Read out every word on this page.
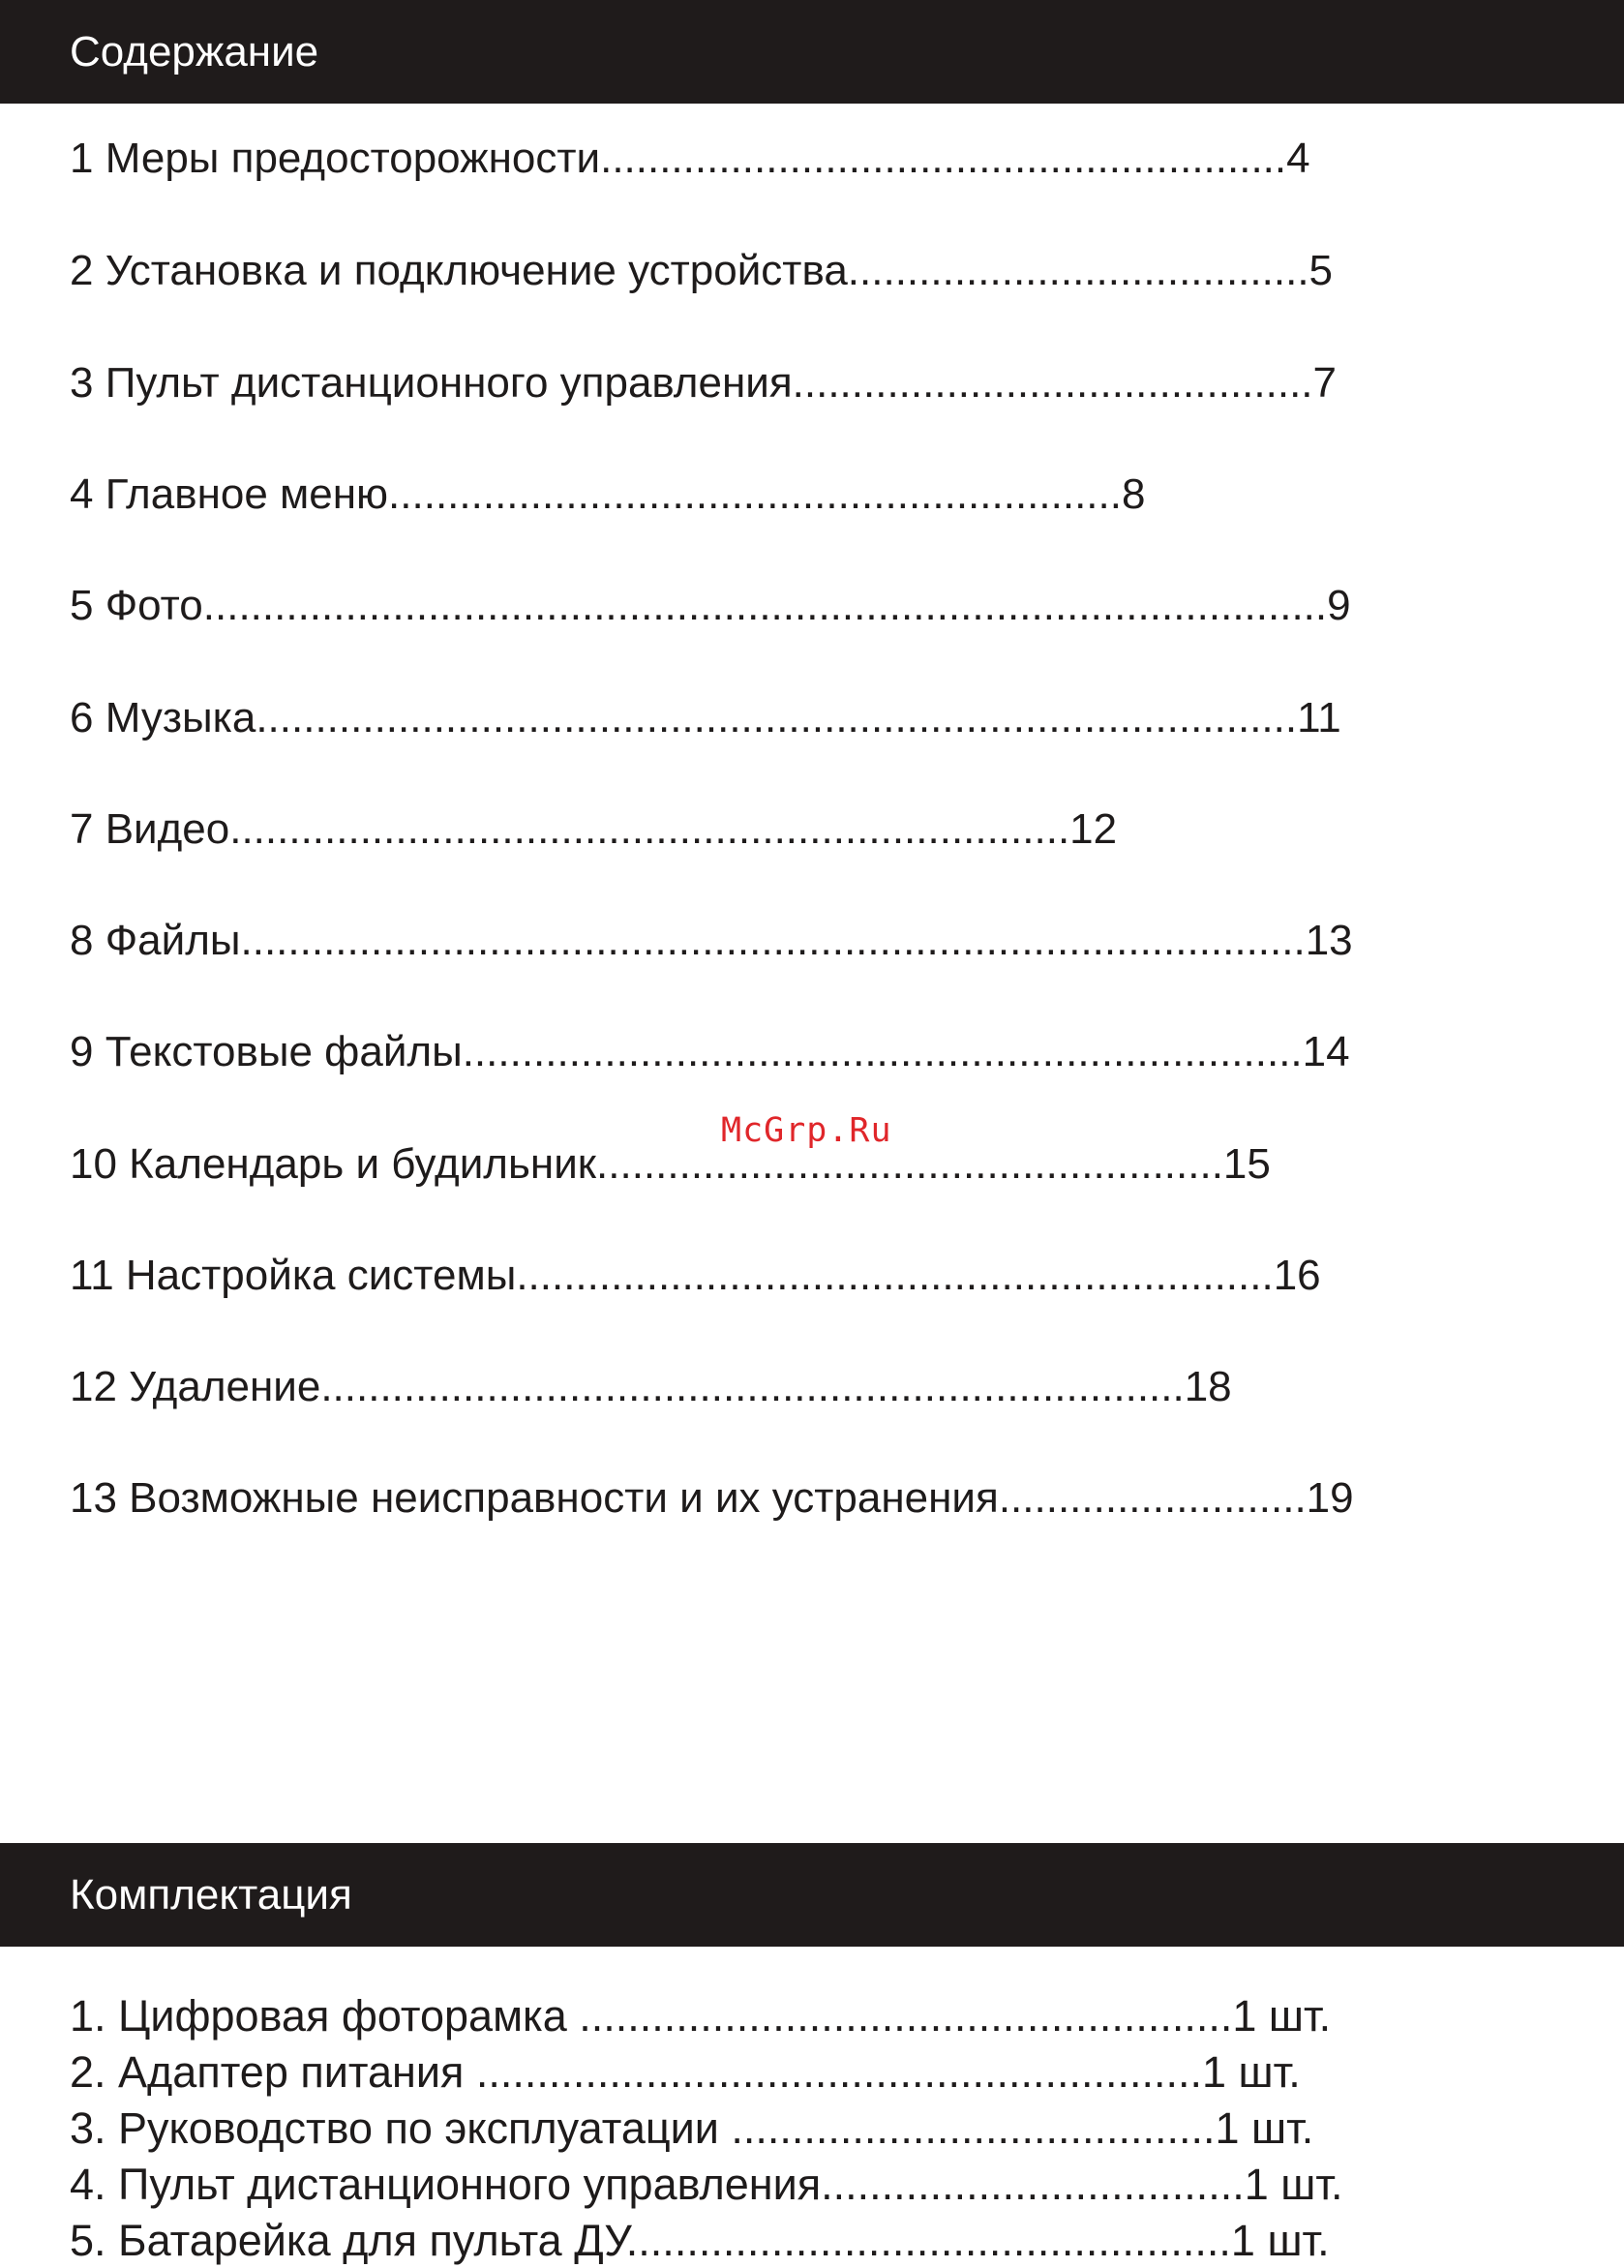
Содержание
1 Меры предосторожности..........................................................4
2 Установка и подключение устройства.......................................5
3 Пульт дистанционного управления............................................7
4 Главное меню..............................................................8
5 Фото...............................................................................................9
6 Музыка........................................................................................11
7 Видео.......................................................................12
8 Файлы..........................................................................................13
9 Текстовые файлы.......................................................................14
10 Календарь и будильник.....................................................15
11 Настройка системы................................................................16
12 Удаление.........................................................................18
13 Возможные неисправности и их устранения..........................19
McGrp.Ru
Комплектация
1. Цифровая фоторамка ......................................................1 шт.
2. Адаптер питания ............................................................1 шт.
3. Руководство по эксплуатации ........................................1 шт.
4. Пульт дистанционного управления...................................1 шт.
5. Батарейка для пульта ДУ..................................................1 шт.
